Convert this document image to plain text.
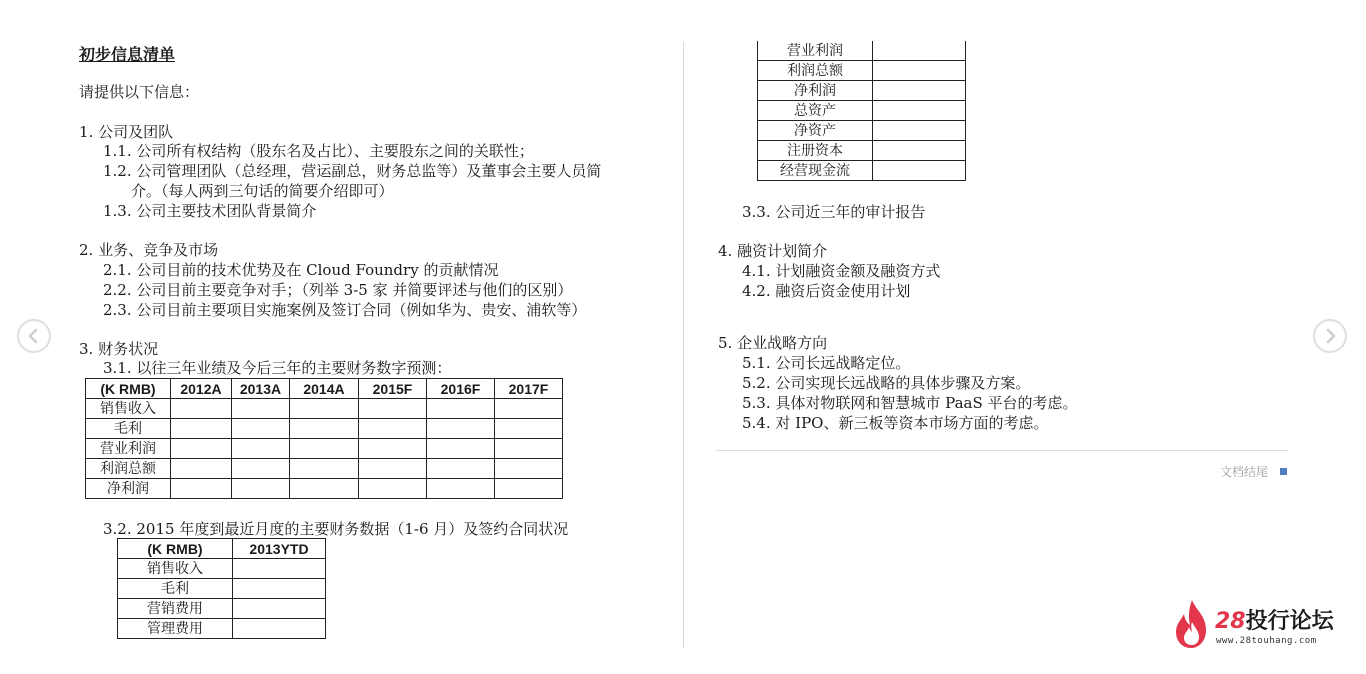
初步信息清单
请提供以下信息：
1. 公司及团队
1.1. 公司所有权结构（股东名及占比）、主要股东之间的关联性；
1.2. 公司管理团队（总经理，营运副总，财务总监等）及董事会主要人员简
介。（每人两到三句话的简要介绍即可）
1.3. 公司主要技术团队背景简介
2. 业务、竞争及市场
2.1. 公司目前的技术优势及在 Cloud Foundry 的贡献情况
2.2. 公司目前主要竞争对手；（列举 3-5 家 并简要评述与他们的区别）
2.3. 公司目前主要项目实施案例及签订合同（例如华为、贵安、浦软等）
3. 财务状况
3.1. 以往三年业绩及今后三年的主要财务数字预测：
(K RMB)	2012A	2013A	2014A	2015F	2016F	2017F
销售收入						
毛利						
营业利润						
利润总额						
净利润						
3.2. 2015 年度到最近月度的主要财务数据（1-6 月）及签约合同状况
(K RMB)	2013YTD
销售收入	
毛利	
营销费用	
管理费用	
营业利润	
利润总额	
净利润	
总资产	
净资产	
注册资本	
经营现金流	
3.3. 公司近三年的审计报告
4. 融资计划简介
4.1. 计划融资金额及融资方式
4.2. 融资后资金使用计划
5. 企业战略方向
5.1. 公司长远战略定位。
5.2. 公司实现长远战略的具体步骤及方案。
5.3. 具体对物联网和智慧城市 PaaS 平台的考虑。
5.4. 对 IPO、新三板等资本市场方面的考虑。
文档结尾
28投行论坛
www.28touhang.com
